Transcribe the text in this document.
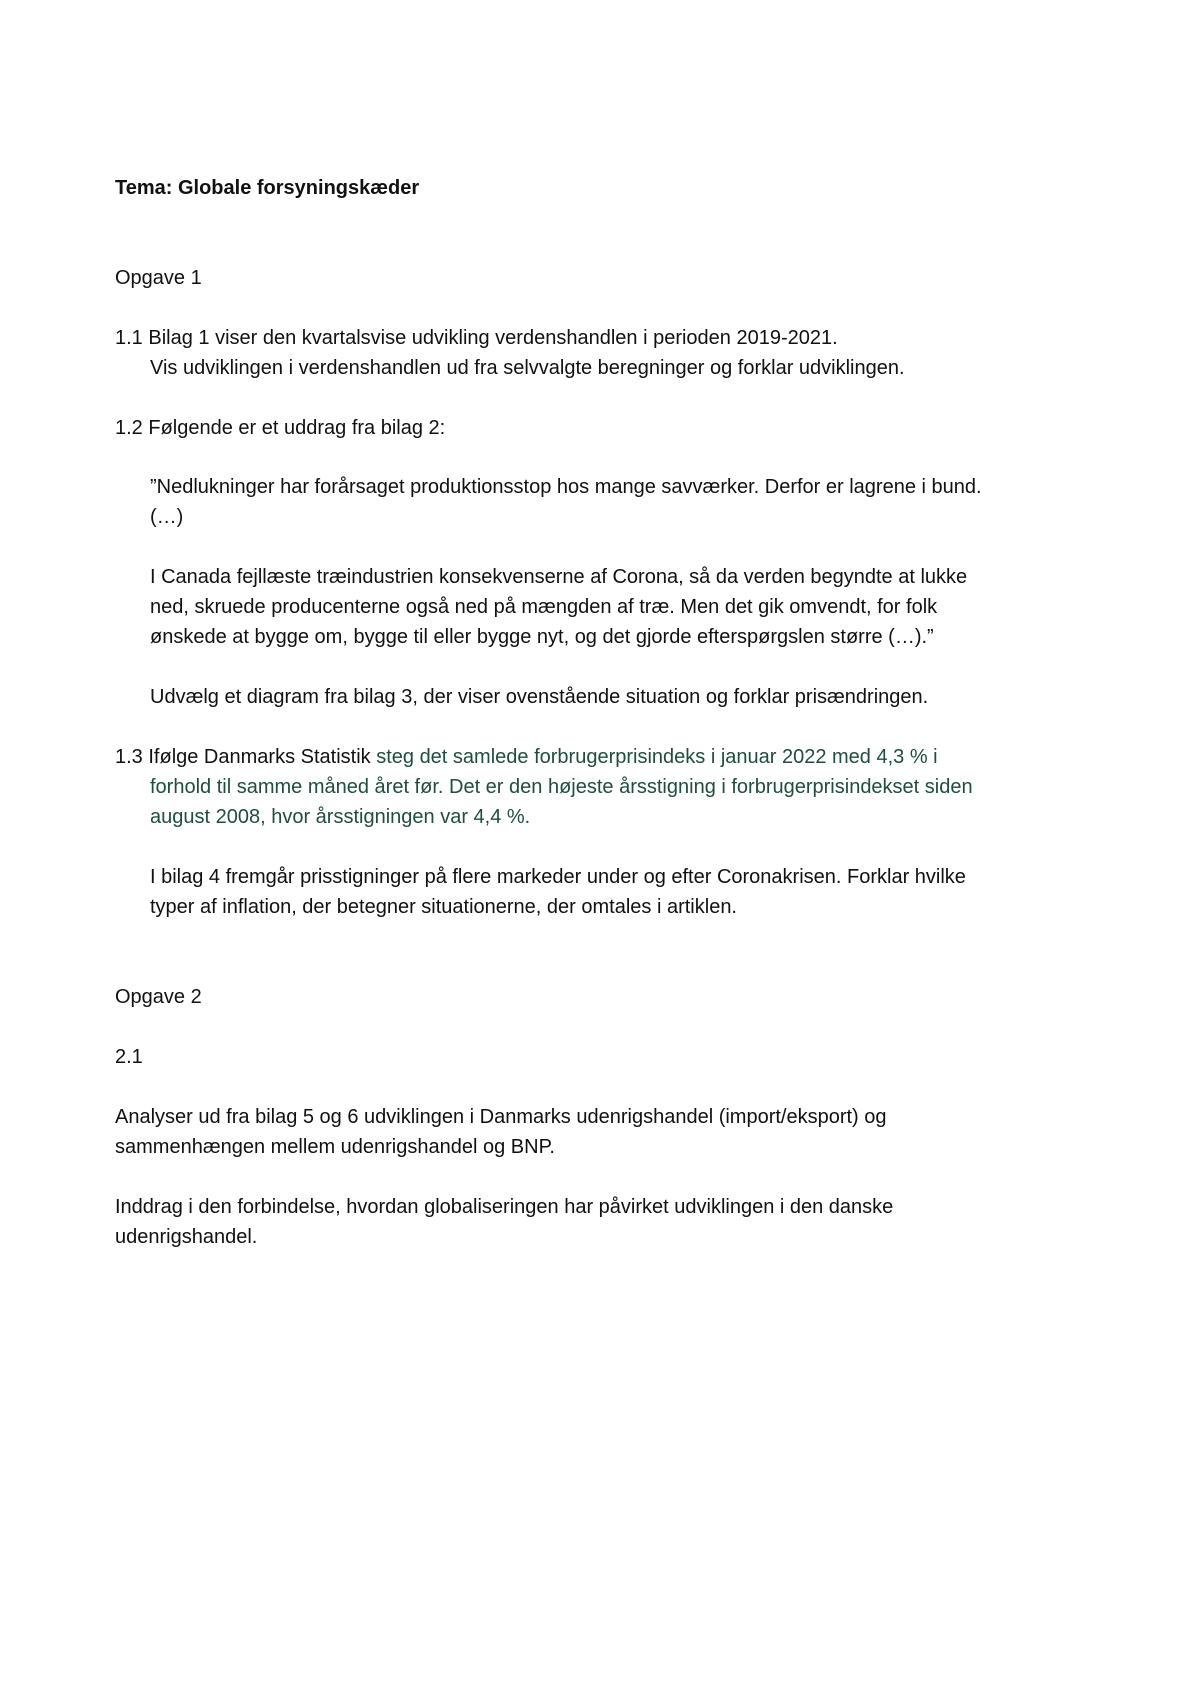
Tema: Globale forsyningskæder
Opgave 1
1.1 Bilag 1 viser den kvartalsvise udvikling verdenshandlen i perioden 2019-2021.
Vis udviklingen i verdenshandlen ud fra selvvalgte beregninger og forklar udviklingen.
1.2 Følgende er et uddrag fra bilag 2:
”Nedlukninger har forårsaget produktionsstop hos mange savværker. Derfor er lagrene i bund.
(…)
I Canada fejllæste træindustrien konsekvenserne af Corona, så da verden begyndte at lukke
ned, skruede producenterne også ned på mængden af træ. Men det gik omvendt, for folk
ønskede at bygge om, bygge til eller bygge nyt, og det gjorde efterspørgslen større (…).”
Udvælg et diagram fra bilag 3, der viser ovenstående situation og forklar prisændringen.
1.3 Ifølge Danmarks Statistik steg det samlede forbrugerprisindeks i januar 2022 med 4,3 % i
forhold til samme måned året før. Det er den højeste årsstigning i forbrugerprisindekset siden
august 2008, hvor årsstigningen var 4,4 %.
I bilag 4 fremgår prisstigninger på flere markeder under og efter Coronakrisen. Forklar hvilke
typer af inflation, der betegner situationerne, der omtales i artiklen.
Opgave 2
2.1
Analyser ud fra bilag 5 og 6 udviklingen i Danmarks udenrigshandel (import/eksport) og
sammenhængen mellem udenrigshandel og BNP.
Inddrag i den forbindelse, hvordan globaliseringen har påvirket udviklingen i den danske
udenrigshandel.
